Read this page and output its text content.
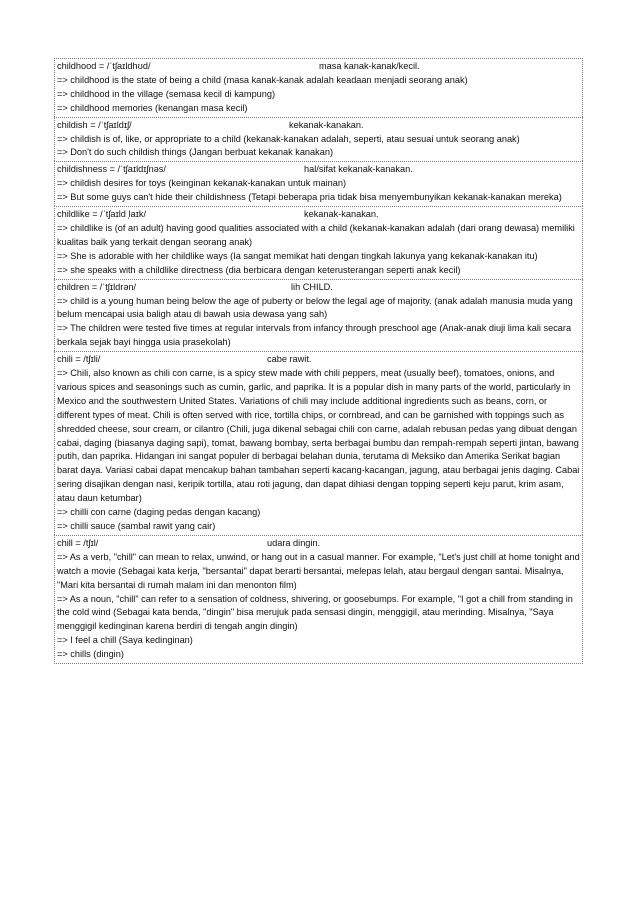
childhood = /ˈtʃaɪldhʊd/	masa kanak-kanak/kecil.
=> childhood is the state of being a child (masa kanak-kanak adalah keadaan menjadi seorang anak)
=> childhood in the village (semasa kecil di kampung)
=> childhood memories (kenangan masa kecil)
childish = /ˈtʃaɪldɪʃ/	kekanak-kanakan.
=> childish is of, like, or appropriate to a child (kekanak-kanakan adalah, seperti, atau sesuai untuk seorang anak)
=> Don't do such childish things (Jangan berbuat kekanak kanakan)
childishness = /ˈtʃaɪldɪʃnəs/	hal/sifat kekanak-kanakan.
=> childish desires for toys (keinginan kekanak-kanakan untuk mainan)
=> But some guys can't hide their childishness (Tetapi beberapa pria tidak bisa menyembunyikan kekanak-kanakan mereka)
childlike = /ˈtʃaɪld ̩laɪk/	kekanak-kanakan.
=> childlike is (of an adult) having good qualities associated with a child (kekanak-kanakan adalah (dari orang dewasa) memiliki kualitas baik yang terkait dengan seorang anak)
=> She is adorable with her childlike ways (Ia sangat memikat hati dengan tingkah lakunya yang kekanak-kanakan itu)
=> she speaks with a childlike directness (dia berbicara dengan keterusterangan seperti anak kecil)
children = /ˈtʃɪldrən/	lih CHILD.
=> child is a young human being below the age of puberty or below the legal age of majority. (anak adalah manusia muda yang belum mencapai usia baligh atau di bawah usia dewasa yang sah)
=> The children were tested five times at regular intervals from infancy through preschool age (Anak-anak diuji lima kali secara berkala sejak bayi hingga usia prasekolah)
chili = /tʃɪli/	cabe rawit.
=> Chili, also known as chili con carne, is a spicy stew made with chili peppers, meat (usually beef), tomatoes, onions, and various spices and seasonings such as cumin, garlic, and paprika. It is a popular dish in many parts of the world, particularly in Mexico and the southwestern United States. Variations of chili may include additional ingredients such as beans, corn, or different types of meat. Chili is often served with rice, tortilla chips, or cornbread, and can be garnished with toppings such as shredded cheese, sour cream, or cilantro (Chili, juga dikenal sebagai chili con carne, adalah rebusan pedas yang dibuat dengan cabai, daging (biasanya daging sapi), tomat, bawang bombay, serta berbagai bumbu dan rempah-rempah seperti jintan, bawang putih, dan paprika. Hidangan ini sangat populer di berbagai belahan dunia, terutama di Meksiko dan Amerika Serikat bagian barat daya. Variasi cabai dapat mencakup bahan tambahan seperti kacang-kacangan, jagung, atau berbagai jenis daging. Cabai sering disajikan dengan nasi, keripik tortilla, atau roti jagung, dan dapat dihiasi dengan topping seperti keju parut, krim asam, atau daun ketumbar)
=> chilli con carne (daging pedas dengan kacang)
=> chilli sauce (sambal rawit yang cair)
chill = /tʃɪl/	udara dingin.
=> As a verb, "chill" can mean to relax, unwind, or hang out in a casual manner. For example, "Let's just chill at home tonight and watch a movie (Sebagai kata kerja, "bersantai" dapat berarti bersantai, melepas lelah, atau bergaul dengan santai. Misalnya, "Mari kita bersantai di rumah malam ini dan menonton film)
=> As a noun, "chill" can refer to a sensation of coldness, shivering, or goosebumps. For example, "I got a chill from standing in the cold wind (Sebagai kata benda, "dingin" bisa merujuk pada sensasi dingin, menggigil, atau merinding. Misalnya, "Saya menggigil kedinginan karena berdiri di tengah angin dingin)
=> I feel a chill (Saya kedinginan)
=> chills (dingin)
